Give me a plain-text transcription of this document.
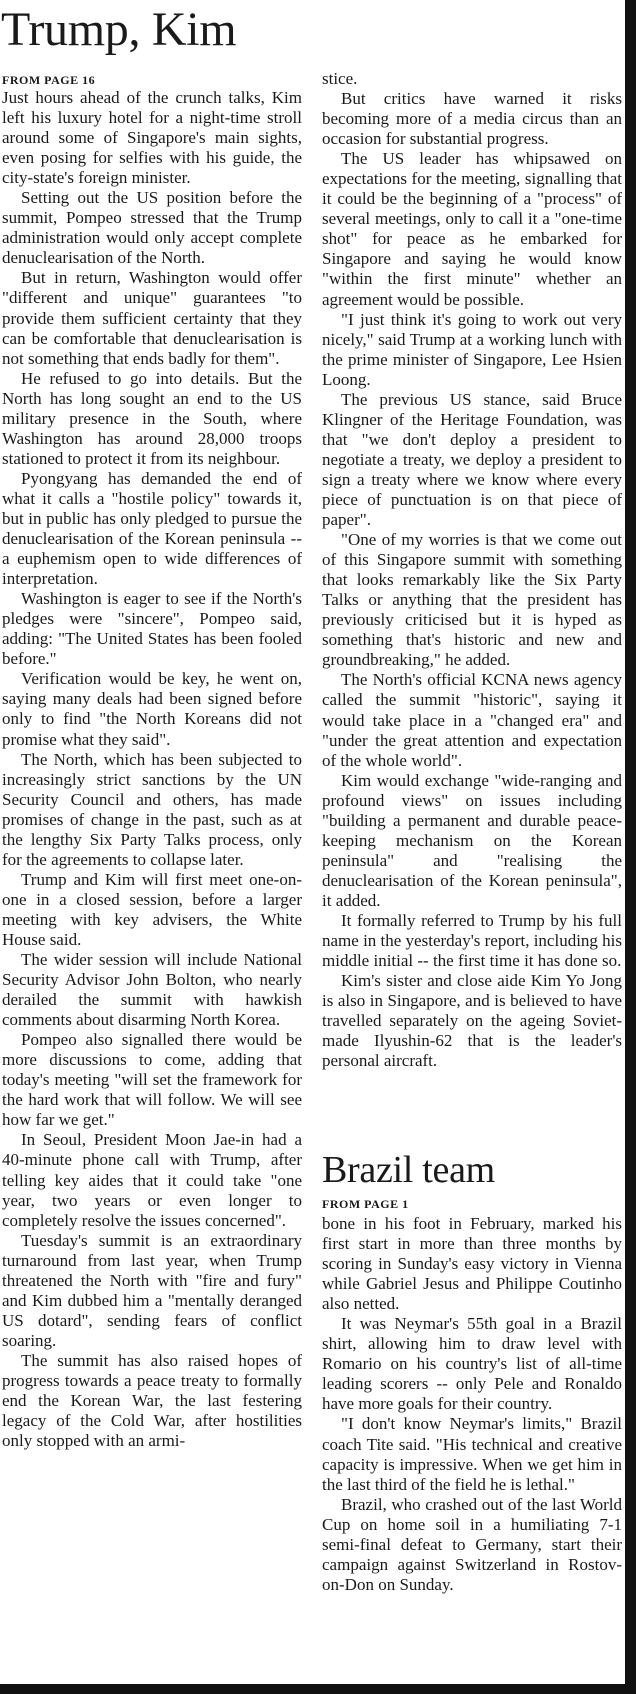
Trump, Kim
FROM PAGE 16

Just hours ahead of the crunch talks, Kim left his luxury hotel for a night-time stroll around some of Singapore's main sights, even posing for selfies with his guide, the city-state's foreign minister.

Setting out the US position before the summit, Pompeo stressed that the Trump administration would only accept complete denuclearisation of the North.

But in return, Washington would offer "different and unique" guarantees "to provide them sufficient certainty that they can be comfortable that denuclearisation is not something that ends badly for them".

He refused to go into details. But the North has long sought an end to the US military presence in the South, where Washington has around 28,000 troops stationed to protect it from its neighbour.

Pyongyang has demanded the end of what it calls a "hostile policy" towards it, but in public has only pledged to pursue the denuclearisation of the Korean peninsula -- a euphemism open to wide differences of interpretation.

Washington is eager to see if the North's pledges were "sincere", Pompeo said, adding: "The United States has been fooled before."

Verification would be key, he went on, saying many deals had been signed before only to find "the North Koreans did not promise what they said".

The North, which has been subjected to increasingly strict sanctions by the UN Security Council and others, has made promises of change in the past, such as at the lengthy Six Party Talks process, only for the agreements to collapse later.

Trump and Kim will first meet one-on-one in a closed session, before a larger meeting with key advisers, the White House said.

The wider session will include National Security Advisor John Bolton, who nearly derailed the summit with hawkish comments about disarming North Korea.

Pompeo also signalled there would be more discussions to come, adding that today's meeting "will set the framework for the hard work that will follow. We will see how far we get."

In Seoul, President Moon Jae-in had a 40-minute phone call with Trump, after telling key aides that it could take "one year, two years or even longer to completely resolve the issues concerned".

Tuesday's summit is an extraordinary turnaround from last year, when Trump threatened the North with "fire and fury" and Kim dubbed him a "mentally deranged US dotard", sending fears of conflict soaring.

The summit has also raised hopes of progress towards a peace treaty to formally end the Korean War, the last festering legacy of the Cold War, after hostilities only stopped with an armi-

stice.

But critics have warned it risks becoming more of a media circus than an occasion for substantial progress.

The US leader has whipsawed on expectations for the meeting, signalling that it could be the beginning of a "process" of several meetings, only to call it a "one-time shot" for peace as he embarked for Singapore and saying he would know "within the first minute" whether an agreement would be possible.

"I just think it's going to work out very nicely," said Trump at a working lunch with the prime minister of Singapore, Lee Hsien Loong.

The previous US stance, said Bruce Klingner of the Heritage Foundation, was that "we don't deploy a president to negotiate a treaty, we deploy a president to sign a treaty where we know where every piece of punctuation is on that piece of paper".

"One of my worries is that we come out of this Singapore summit with something that looks remarkably like the Six Party Talks or anything that the president has previously criticised but it is hyped as something that's historic and new and groundbreaking," he added.

The North's official KCNA news agency called the summit "historic", saying it would take place in a "changed era" and "under the great attention and expectation of the whole world".

Kim would exchange "wide-ranging and profound views" on issues including "building a permanent and durable peace-keeping mechanism on the Korean peninsula" and "realising the denuclearisation of the Korean peninsula", it added.

It formally referred to Trump by his full name in the yesterday's report, including his middle initial -- the first time it has done so.

Kim's sister and close aide Kim Yo Jong is also in Singapore, and is believed to have travelled separately on the ageing Soviet-made Ilyushin-62 that is the leader's personal aircraft.

Brazil team
FROM PAGE 1

bone in his foot in February, marked his first start in more than three months by scoring in Sunday's easy victory in Vienna while Gabriel Jesus and Philippe Coutinho also netted.

It was Neymar's 55th goal in a Brazil shirt, allowing him to draw level with Romario on his country's list of all-time leading scorers -- only Pele and Ronaldo have more goals for their country.

"I don't know Neymar's limits," Brazil coach Tite said. "His technical and creative capacity is impressive. When we get him in the last third of the field he is lethal."

Brazil, who crashed out of the last World Cup on home soil in a humiliating 7-1 semi-final defeat to Germany, start their campaign against Switzerland in Rostov-on-Don on Sunday.
